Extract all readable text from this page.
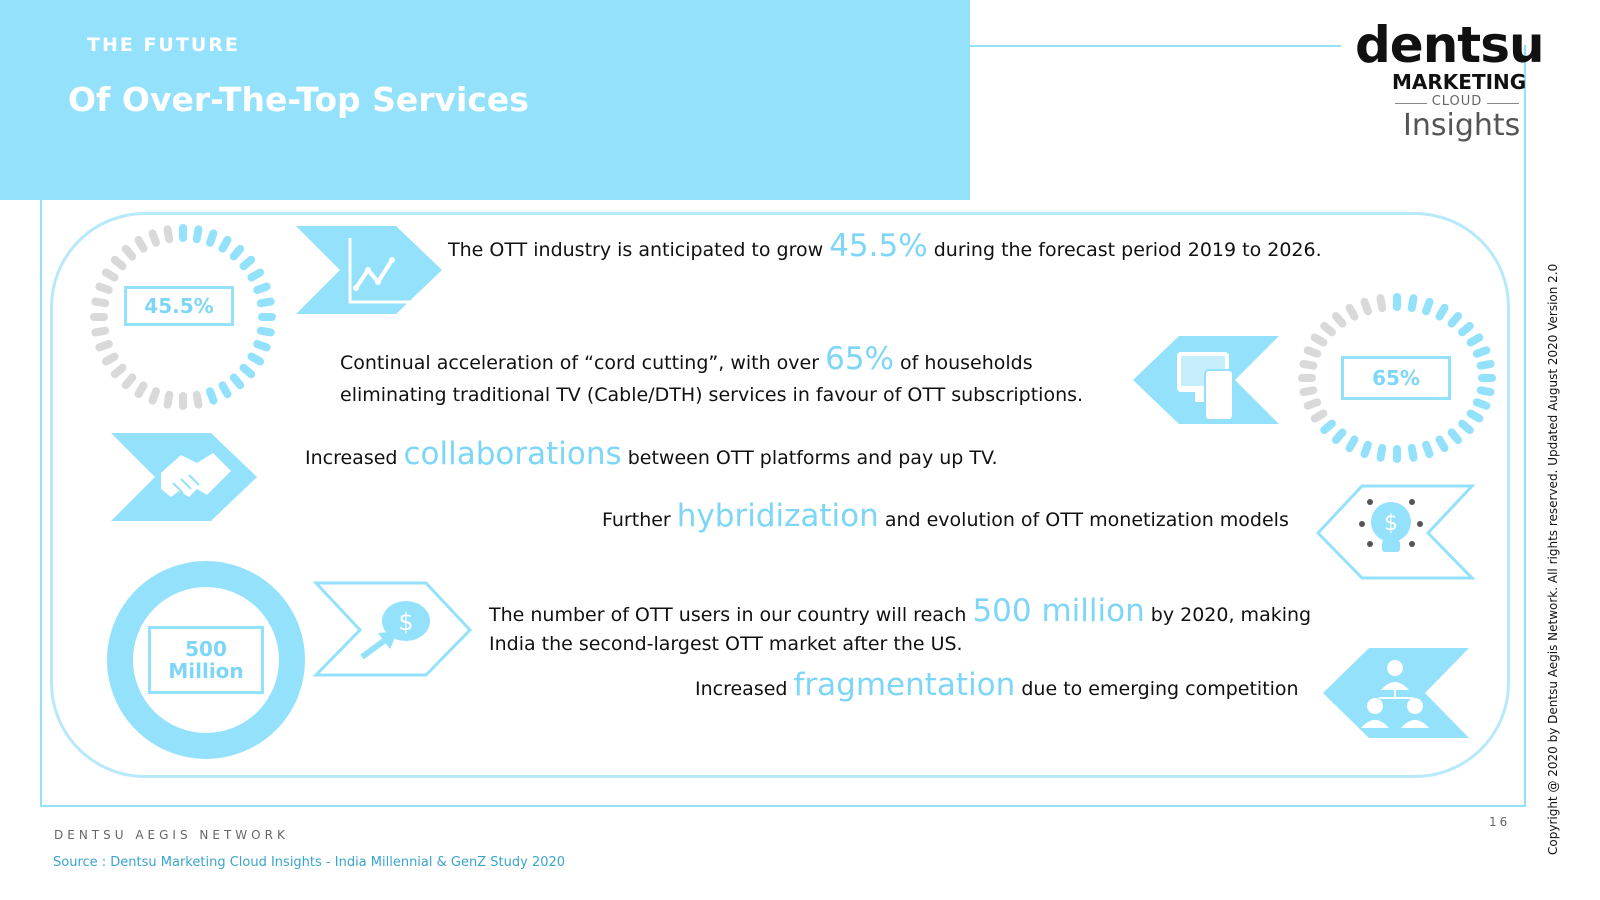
THE FUTURE
Of Over-The-Top Services
dentsu
MARKETING
CLOUD
Insights
45.5%
65%
500
Million
$
$
The OTT industry is anticipated to grow 45.5% during the forecast period 2019 to 2026.
Continual acceleration of “cord cutting”, with over 65% of households
eliminating traditional TV (Cable/DTH) services in favour of OTT subscriptions.
Increased collaborations between OTT platforms and pay up TV.
Further hybridization and evolution of OTT monetization models
The number of OTT users in our country will reach 500 million by 2020, making
India the second-largest OTT market after the US.
Increased fragmentation due to emerging competition
DENTSU AEGIS NETWORK
Source : Dentsu Marketing Cloud Insights - India Millennial & GenZ Study 2020
16	Copyright @ 2020 by Dentsu Aegis Network. All rights reserved. Updated August 2020 Version 2.0
